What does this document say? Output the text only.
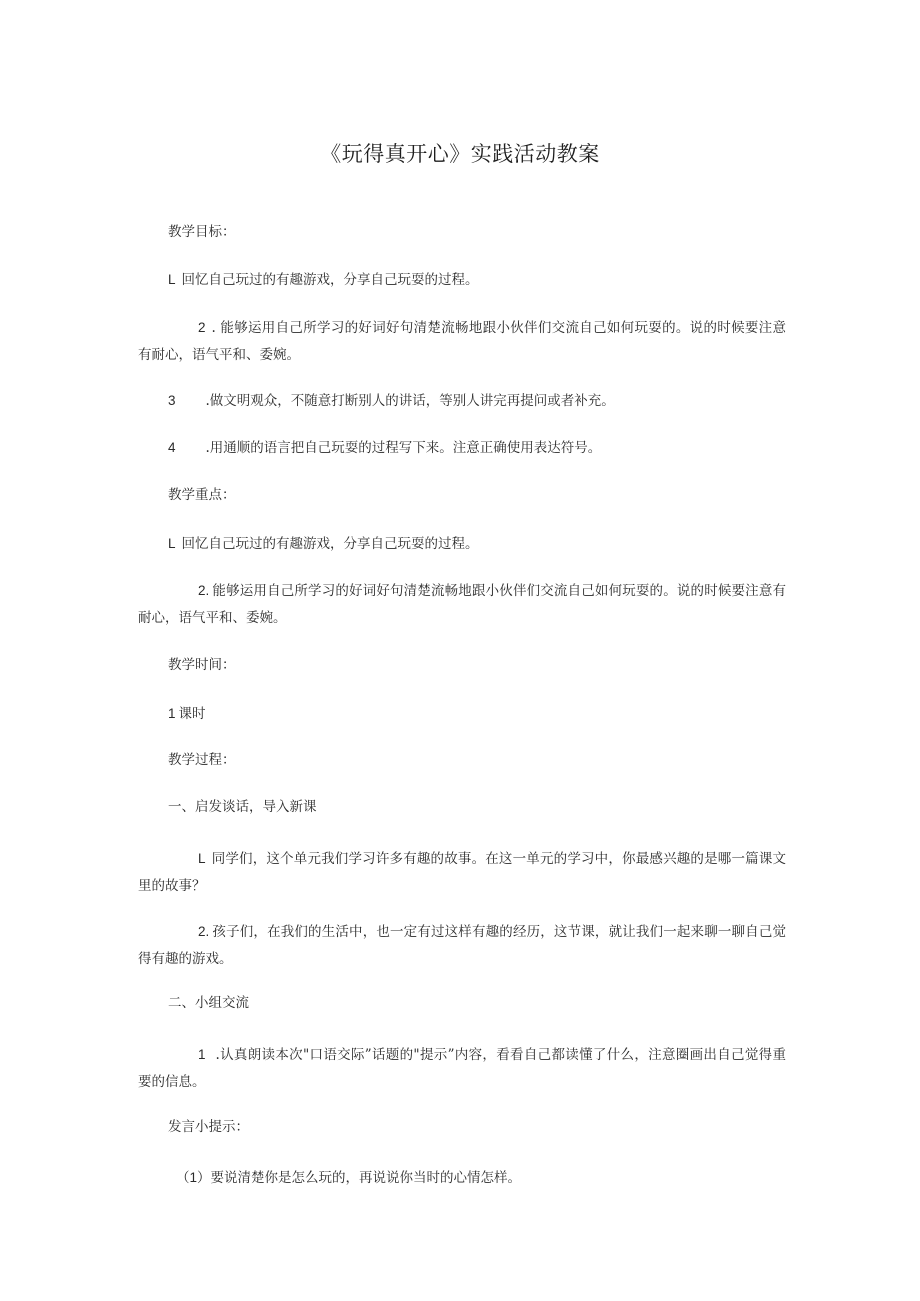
《玩得真开心》实践活动教案
教学目标：
L 回忆自己玩过的有趣游戏，分享自己玩耍的过程。
2 . 能够运用自己所学习的好词好句清楚流畅地跟小伙伴们交流自己如何玩耍的。说的时候要注意有耐心，语气平和、委婉。
3 .做文明观众，不随意打断别人的讲话，等别人讲完再提问或者补充。
4 .用通顺的语言把自己玩耍的过程写下来。注意正确使用表达符号。
教学重点：
L 回忆自己玩过的有趣游戏，分享自己玩耍的过程。
2. 能够运用自己所学习的好词好句清楚流畅地跟小伙伴们交流自己如何玩耍的。说的时候要注意有耐心，语气平和、委婉。
教学时间：
1 课时
教学过程：
一、启发谈话，导入新课
L 同学们，这个单元我们学习许多有趣的故事。在这一单元的学习中，你最感兴趣的是哪一篇课文里的故事？
2. 孩子们，在我们的生活中，也一定有过这样有趣的经历，这节课，就让我们一起来聊一聊自己觉得有趣的游戏。
二、小组交流
1 .认真朗读本次"口语交际”话题的"提示”内容，看看自己都读懂了什么，注意圈画出自己觉得重要的信息。
发言小提示：
（1）要说清楚你是怎么玩的，再说说你当时的心情怎样。
